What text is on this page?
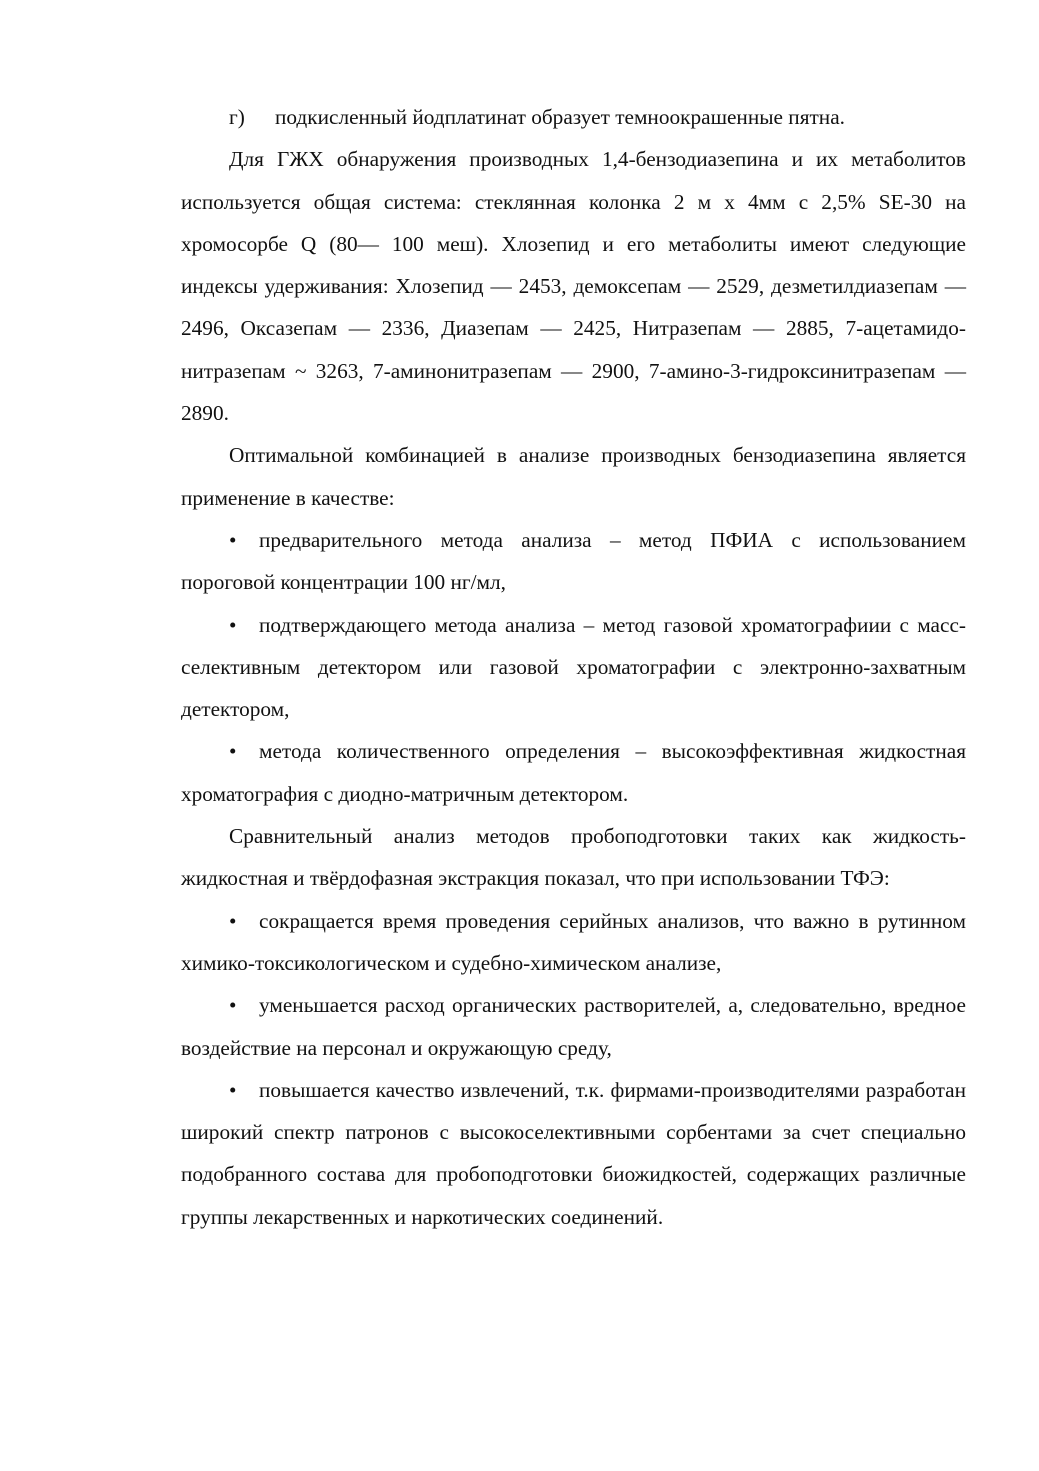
г)	подкисленный йодплатинат образует темноокрашенные пятна.

Для ГЖХ обнаружения производных 1,4-бензодиазепина и их метаболитов используется общая система: стеклянная колонка 2 м х 4мм с 2,5% SE-30 на хромосорбе Q (80— 100 меш). Хлозепид и его метаболиты имеют следующие индексы удерживания: Хлозепид — 2453, демоксепам — 2529, дезметилдиазепам — 2496, Оксазепам — 2336, Диазепам — 2425, Нитразепам — 2885, 7-ацетамидо-нитразепам ~ 3263, 7-аминонитразепам — 2900, 7-амино-3-гидроксинитразепам — 2890.

Оптимальной комбинацией в анализе производных бензодиазепина является применение в качестве:

• предварительного метода анализа – метод ПФИА с использованием пороговой концентрации 100 нг/мл,

• подтверждающего метода анализа – метод газовой хроматографиии с масс- селективным детектором или газовой хроматографии с электронно-захватным детектором,

• метода количественного определения – высокоэффективная жидкостная хроматография с диодно-матричным детектором.

Сравнительный анализ методов пробоподготовки таких как жидкость-жидкостная и твёрдофазная экстракция показал, что при использовании ТФЭ:

• сокращается время проведения серийных анализов, что важно в рутинном химико-токсикологическом и судебно-химическом анализе,

• уменьшается расход органических растворителей, а, следовательно, вредное воздействие на персонал и окружающую среду,

• повышается качество извлечений, т.к. фирмами-производителями разработан широкий спектр патронов с высокоселективными сорбентами за счет специально подобранного состава для пробоподготовки биожидкостей, содержащих различные группы лекарственных и наркотических соединений.
